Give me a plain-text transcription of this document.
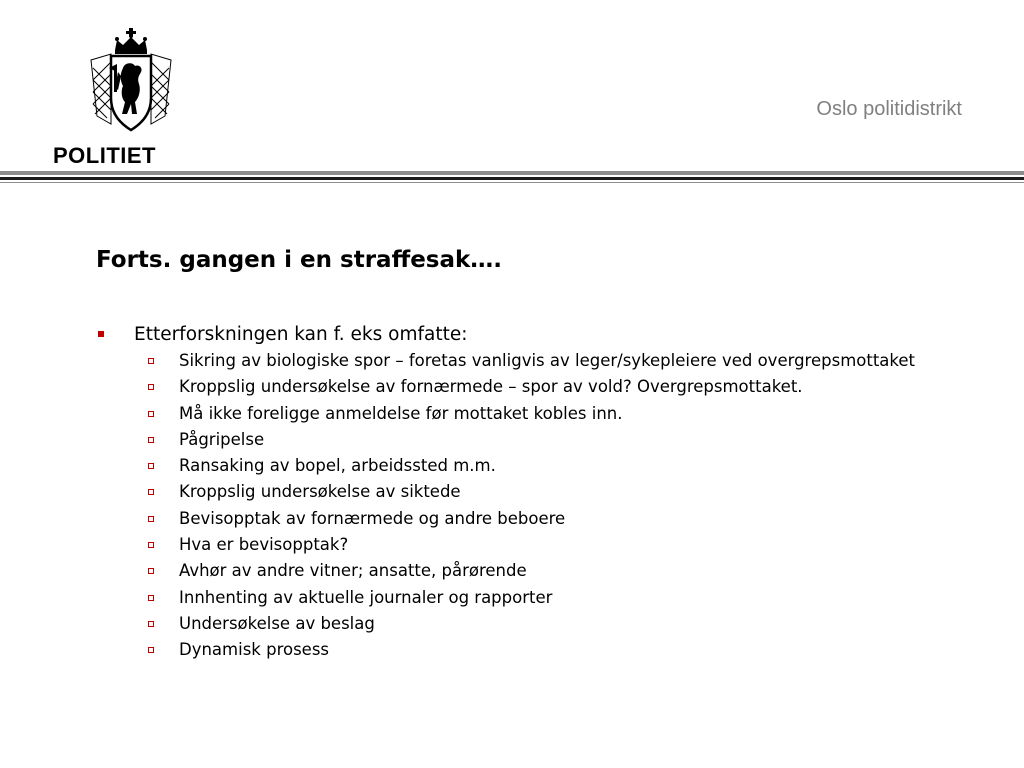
POLITIET
Oslo politidistrikt
Forts. gangen i en straffesak….
Etterforskningen kan f. eks omfatte:
Sikring av biologiske spor – foretas vanligvis av leger/sykepleiere ved overgrepsmottaket
Kroppslig undersøkelse av fornærmede – spor av vold? Overgrepsmottaket.
Må ikke foreligge anmeldelse før mottaket kobles inn.
Pågripelse
Ransaking av bopel, arbeidssted m.m.
Kroppslig undersøkelse av siktede
Bevisopptak av fornærmede og andre beboere
Hva er bevisopptak?
Avhør av andre vitner; ansatte, pårørende
Innhenting av aktuelle journaler og rapporter
Undersøkelse av beslag
Dynamisk prosess
